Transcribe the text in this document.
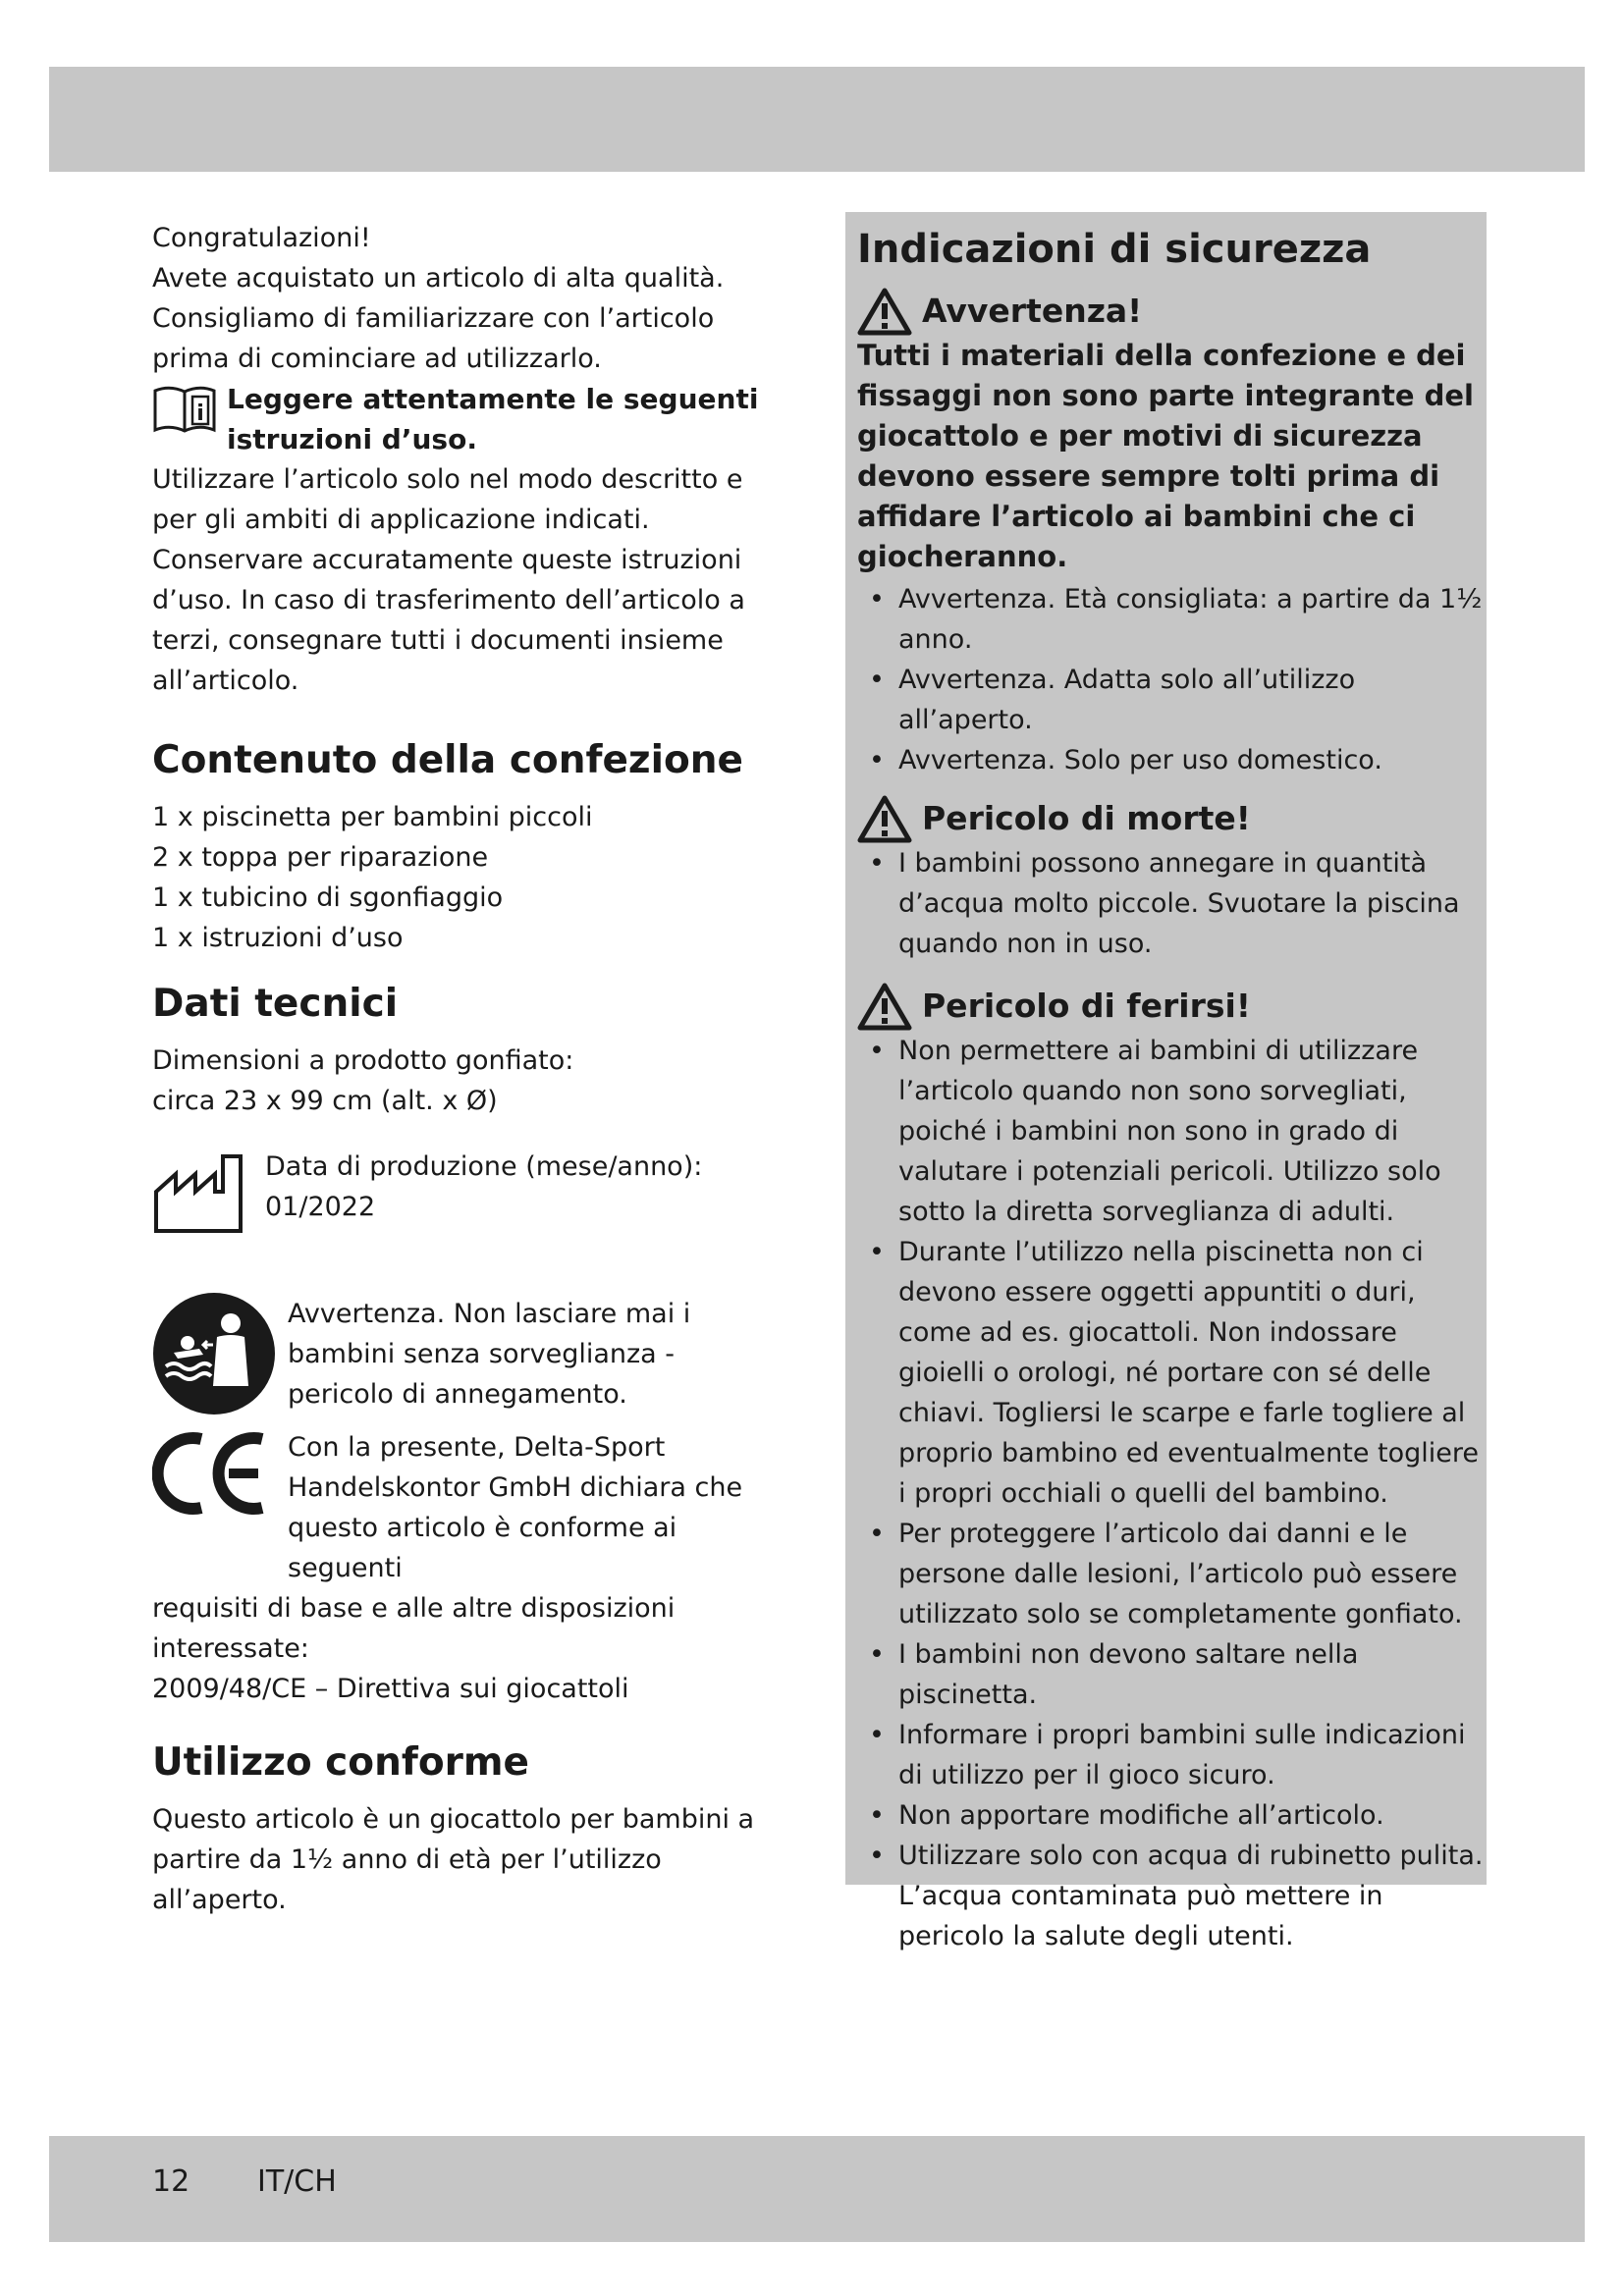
Congratulazioni!

Avete acquistato un articolo di alta qualità. Consigliamo di familiarizzare con l’articolo prima di cominciare ad utilizzarlo.

i Leggere attentamente le seguenti istruzioni d’uso.

Utilizzare l’articolo solo nel modo descritto e per gli ambiti di applicazione indicati. Conservare accuratamente queste istruzioni d’uso. In caso di trasferimento dell’articolo a terzi, consegnare tutti i documenti insieme all’articolo.

Contenuto della confezione

1 x piscinetta per bambini piccoli

2 x toppa per riparazione

1 x tubicino di sgonfiaggio

1 x istruzioni d’uso

Dati tecnici

Dimensioni a prodotto gonfiato:

circa 23 x 99 cm (alt. x Ø)

Data di produzione (mese/anno):

01/2022

Avvertenza. Non lasciare mai i bambini senza sorveglianza - pericolo di annegamento.

Con la presente, Delta-Sport Handelskontor GmbH dichiara che questo articolo è conforme ai seguenti

requisiti di base e alle altre disposizioni interessate:

2009/48/CE – Direttiva sui giocattoli

Utilizzo conforme

Questo articolo è un giocattolo per bambini a partire da 1½ anno di età per l’utilizzo all’aperto.

Indicazioni di sicurezza
Avvertenza!

Tutti i materiali della confezione e dei fissaggi non sono parte integrante del giocattolo e per motivi di sicurezza devono essere sempre tolti prima di affidare l’articolo ai bambini che ci giocheranno.

• Avvertenza. Età consigliata: a partire da 1½ anno.
• Avvertenza. Adatta solo all’utilizzo all’aperto.
• Avvertenza. Solo per uso domestico.
Pericolo di morte!
• I bambini possono annegare in quantità d’acqua molto piccole. Svuotare la piscina quando non in uso.
Pericolo di ferirsi!
• Non permettere ai bambini di utilizzare l’articolo quando non sono sorvegliati, poiché i bambini non sono in grado di valutare i potenziali pericoli. Utilizzo solo sotto la diretta sorveglianza di adulti.
• Durante l’utilizzo nella piscinetta non ci devono essere oggetti appuntiti o duri, come ad es. giocattoli. Non indossare gioielli o orologi, né portare con sé delle chiavi. Togliersi le scarpe e farle togliere al proprio bambino ed eventualmente togliere i propri occhiali o quelli del bambino.
• Per proteggere l’articolo dai danni e le persone dalle lesioni, l’articolo può essere utilizzato solo se completamente gonfiato.
• I bambini non devono saltare nella piscinetta.
• Informare i propri bambini sulle indicazioni di utilizzo per il gioco sicuro.
• Non apportare modifiche all’articolo.
• Utilizzare solo con acqua di rubinetto pulita. L’acqua contaminata può mettere in pericolo la salute degli utenti.
12 IT/CH
